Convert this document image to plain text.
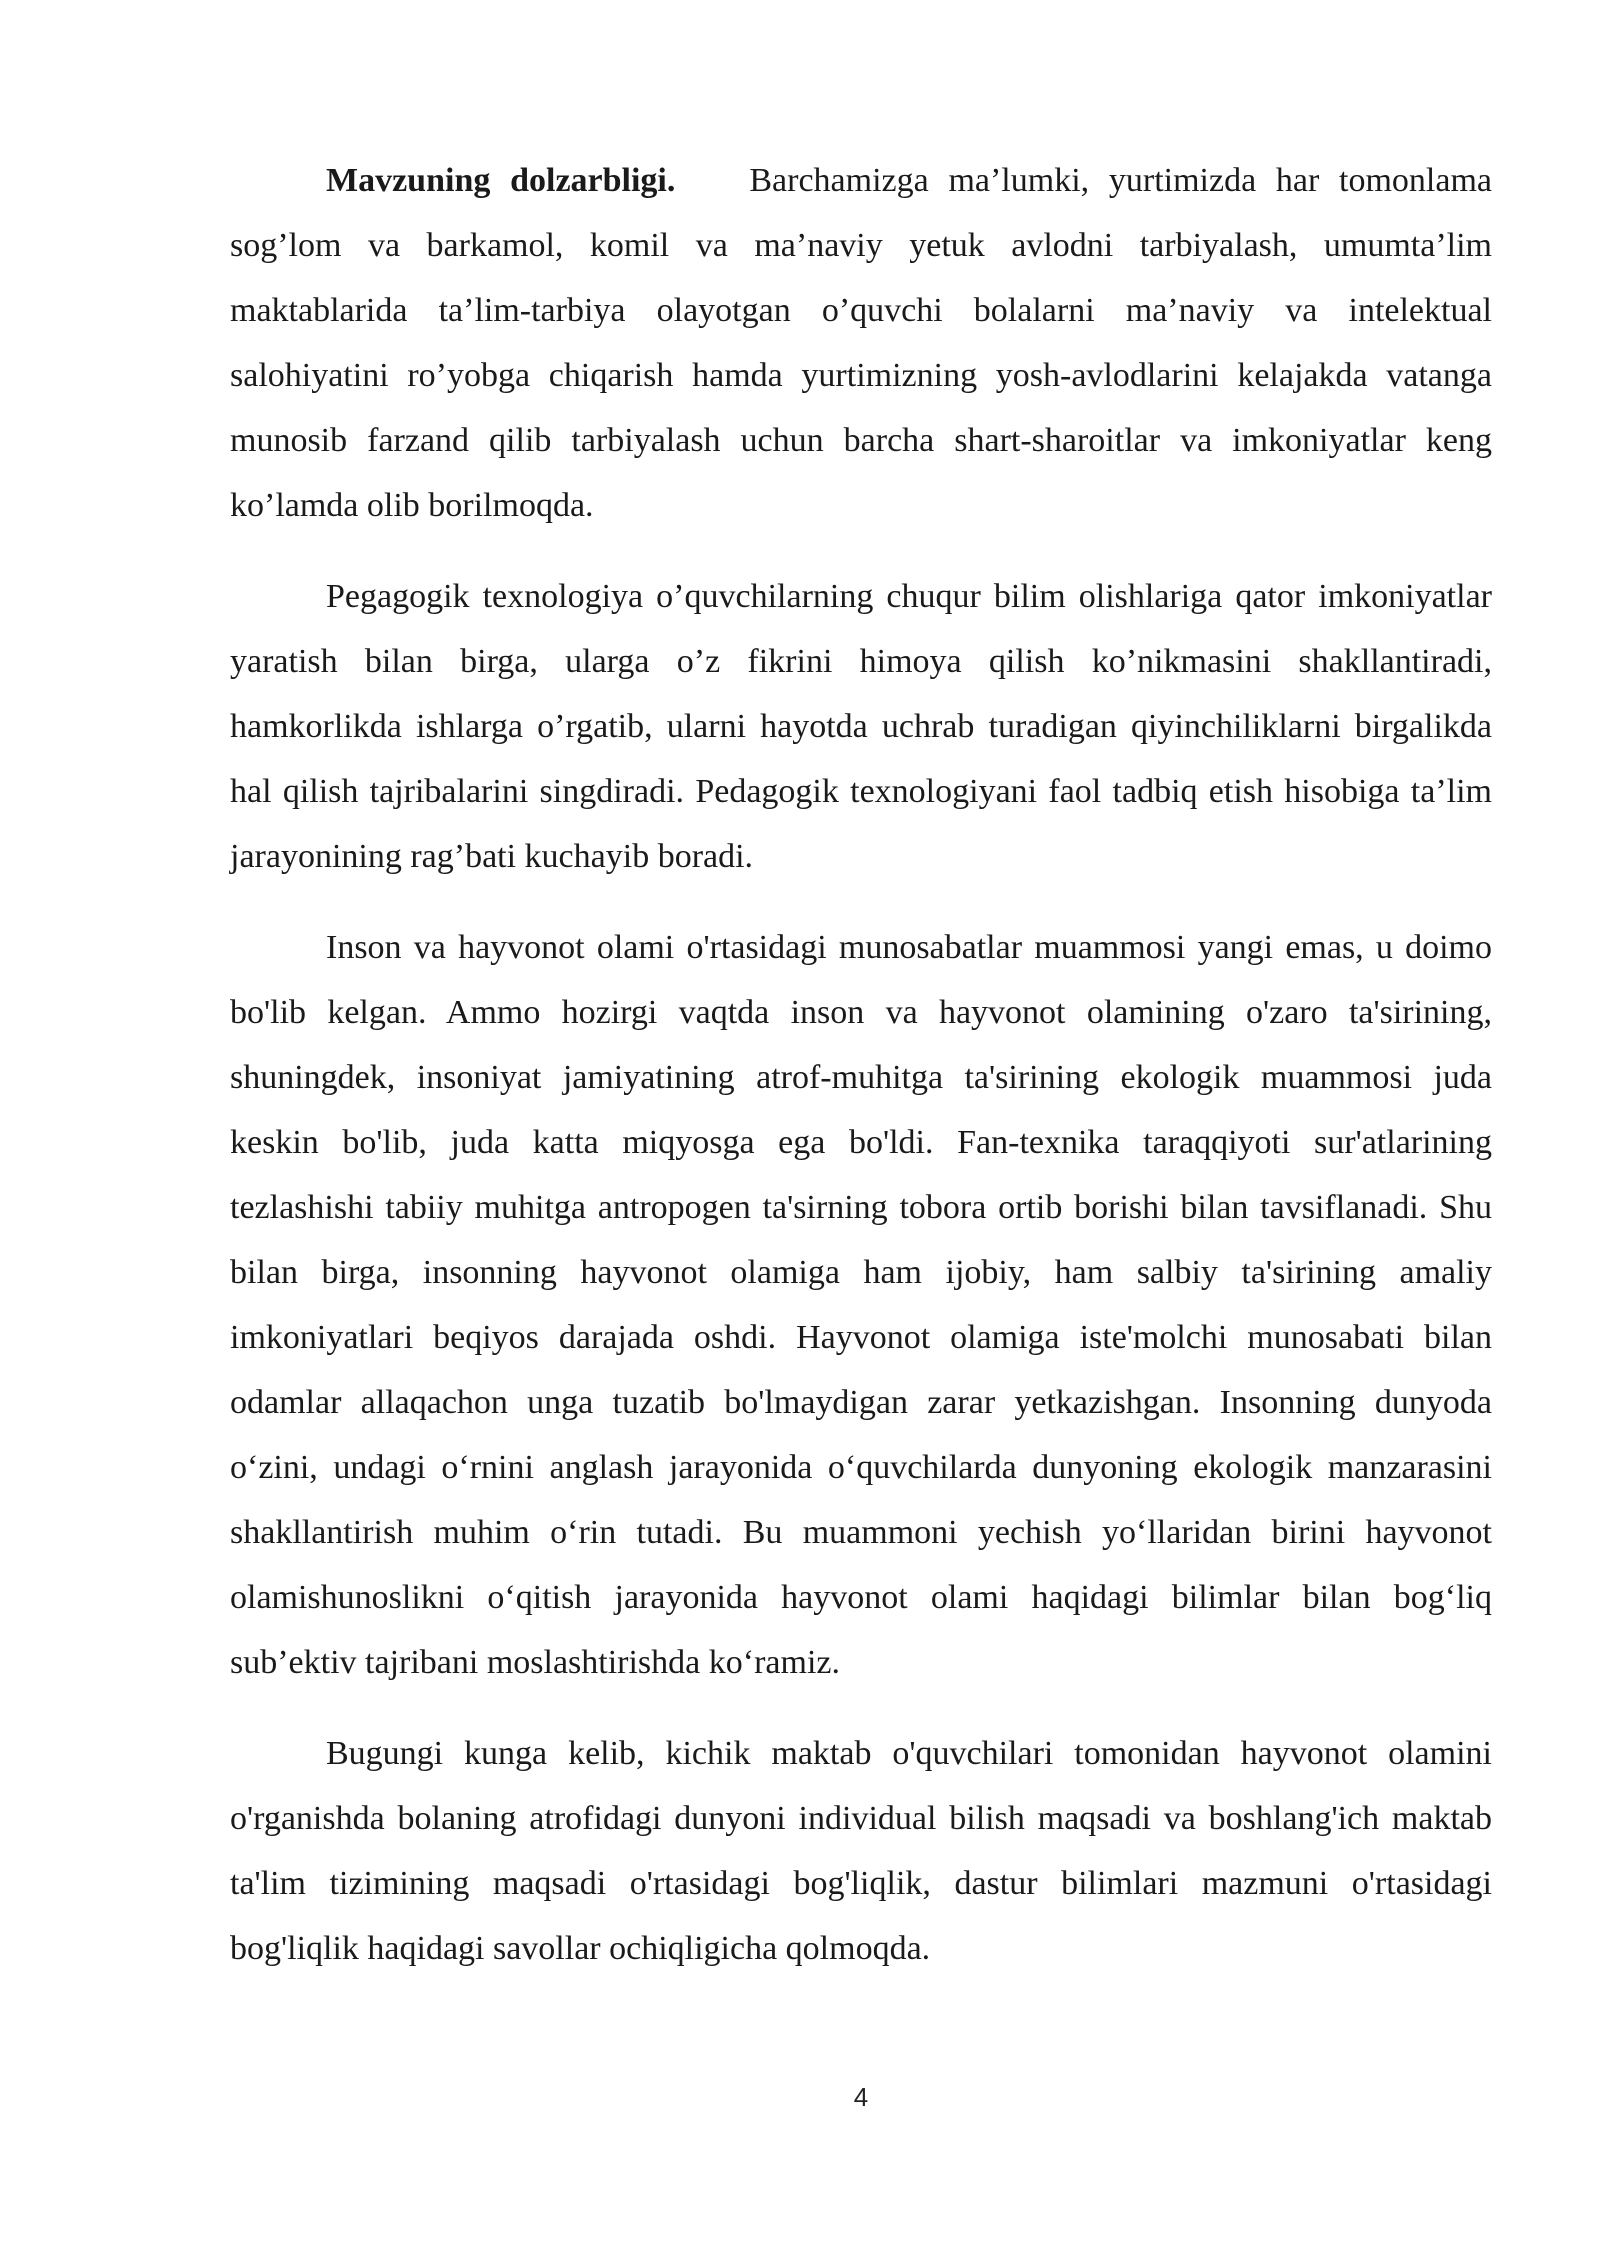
Mavzuning dolzarbligi. Barchamizga ma’lumki, yurtimizda har tomonlama sog’lom va barkamol, komil va ma’naviy yetuk avlodni tarbiyalash, umumta’lim maktablarida ta’lim-tarbiya olayotgan o’quvchi bolalarni ma’naviy va intelektual salohiyatini ro’yobga chiqarish hamda yurtimizning yosh-avlodlarini kelajakda vatanga munosib farzand qilib tarbiyalash uchun barcha shart-sharoitlar va imkoniyatlar keng ko’lamda olib borilmoqda.

Pegagogik texnologiya o’quvchilarning chuqur bilim olishlariga qator imkoniyatlar yaratish bilan birga, ularga o’z fikrini himoya qilish ko’nikmasini shakllantiradi, hamkorlikda ishlarga o’rgatib, ularni hayotda uchrab turadigan qiyinchiliklarni birgalikda hal qilish tajribalarini singdiradi. Pedagogik texnologiyani faol tadbiq etish hisobiga ta’lim jarayonining rag’bati kuchayib boradi.

Inson va hayvonot olami o'rtasidagi munosabatlar muammosi yangi emas, u doimo bo'lib kelgan. Ammo hozirgi vaqtda inson va hayvonot olamining o'zaro ta'sirining, shuningdek, insoniyat jamiyatining atrof-muhitga ta'sirining ekologik muammosi juda keskin bo'lib, juda katta miqyosga ega bo'ldi. Fan-texnika taraqqiyoti sur'atlarining tezlashishi tabiiy muhitga antropogen ta'sirning tobora ortib borishi bilan tavsiflanadi. Shu bilan birga, insonning hayvonot olamiga ham ijobiy, ham salbiy ta'sirining amaliy imkoniyatlari beqiyos darajada oshdi. Hayvonot olamiga iste'molchi munosabati bilan odamlar allaqachon unga tuzatib bo'lmaydigan zarar yetkazishgan. Insonning dunyoda o‘zini, undagi o‘rnini anglash jarayonida o‘quvchilarda dunyoning ekologik manzarasini shakllantirish muhim o‘rin tutadi. Bu muammoni yechish yo‘llaridan birini hayvonot olamishunoslikni o‘qitish jarayonida hayvonot olami haqidagi bilimlar bilan bog‘liq sub’ektiv tajribani moslashtirishda ko‘ramiz.

Bugungi kunga kelib, kichik maktab o'quvchilari tomonidan hayvonot olamini o'rganishda bolaning atrofidagi dunyoni individual bilish maqsadi va boshlang'ich maktab ta'lim tizimining maqsadi o'rtasidagi bog'liqlik, dastur bilimlari mazmuni o'rtasidagi bog'liqlik haqidagi savollar ochiqligicha qolmoqda.

4
